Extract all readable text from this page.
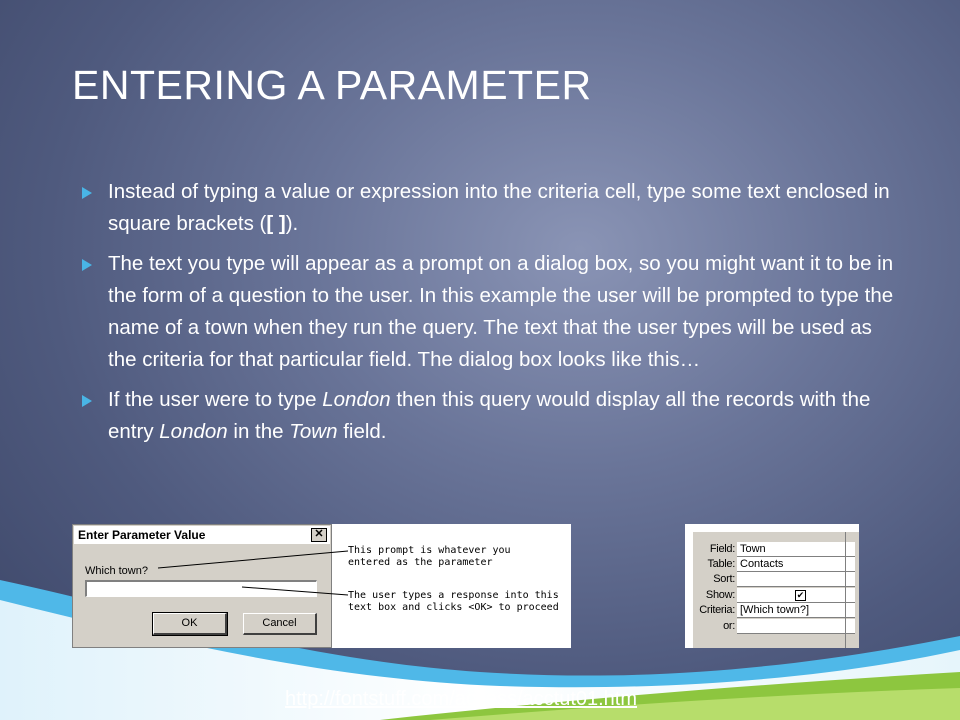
ENTERING A PARAMETER
Instead of typing a value or expression into the criteria cell, type some text enclosed in square brackets ([ ]).
The text you type will appear as a prompt on a dialog box, so you might want it to be in the form of a question to the user. In this example the user will be prompted to type the name of a town when they run the query. The text that the user types will be used as the criteria for that particular field. The dialog box looks like this…
If the user were to type London then this query would display all the records with the entry London in the Town field.
Enter Parameter Value	✕
Which town?
OK	Cancel
This prompt is whatever you
entered as the parameter
The user types a response into this
text box and clicks <OK> to proceed
Field: Town
Table: Contacts
Sort:
Show:	✔
Criteria: [Which town?]
or:
http://fontstuff.com/access/acctut01.htm
